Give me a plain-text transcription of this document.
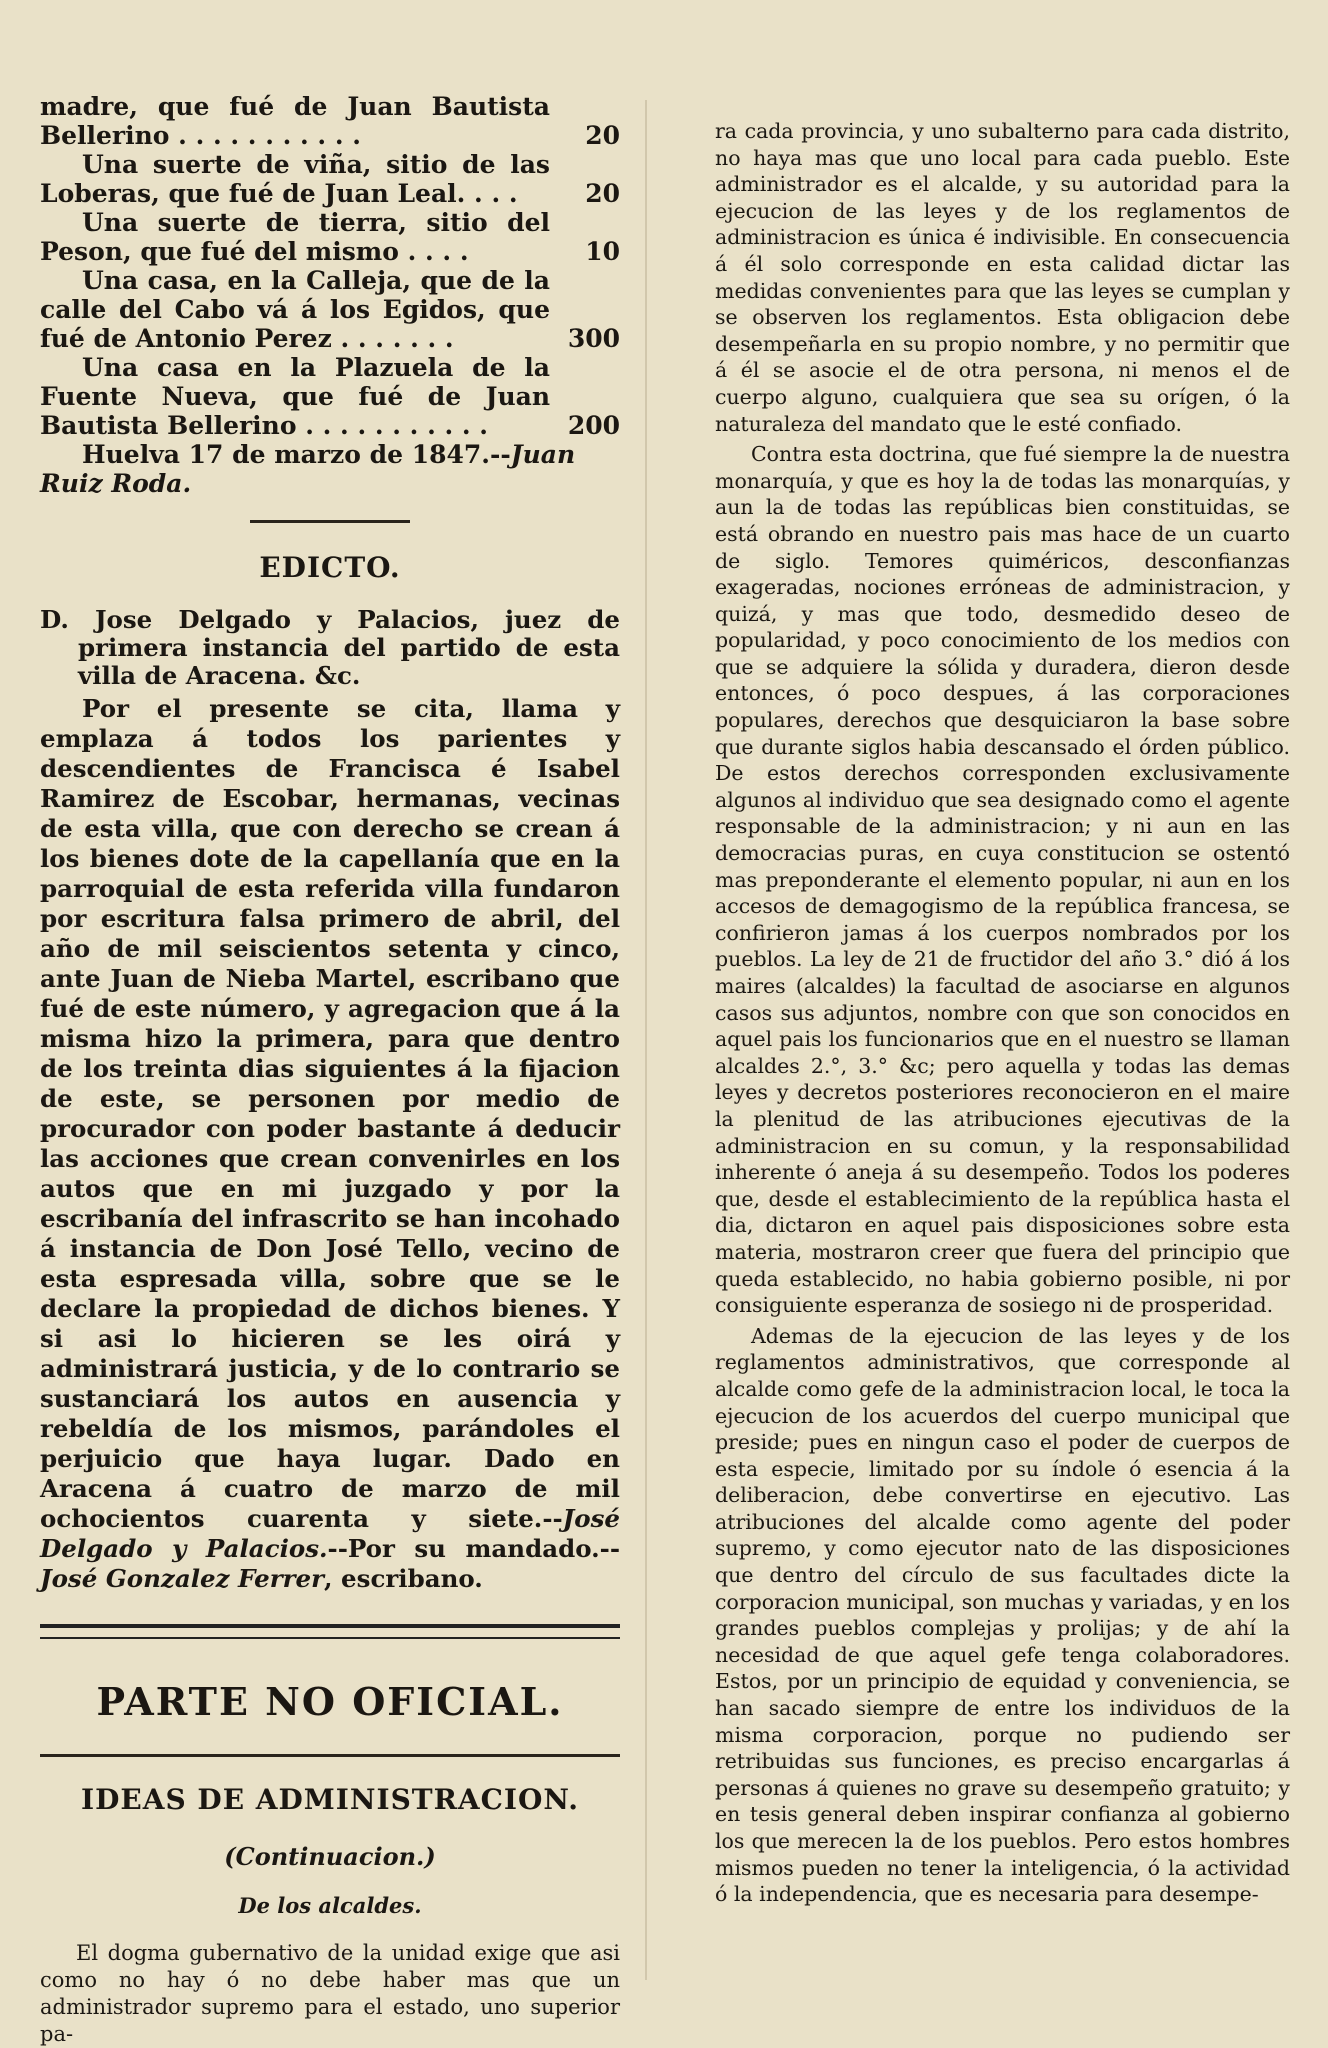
madre, que fué de Juan Bautista Bellerino . . . . . . . . . . .	20
Una suerte de viña, sitio de las Loberas, que fué de Juan Leal. . . .	20
Una suerte de tierra, sitio del Peson, que fué del mismo . . . .	10
Una casa, en la Calleja, que de la calle del Cabo vá á los Egidos, que fué de Antonio Perez . . . . . . .	300
Una casa en la Plazuela de la Fuente Nueva, que fué de Juan Bautista Bellerino . . . . . . . . . . .	200
Huelva 17 de marzo de 1847.--Juan Ruiz Roda.
EDICTO.
D. Jose Delgado y Palacios, juez de primera instancia del partido de esta villa de Aracena. &c.
Por el presente se cita, llama y emplaza á todos los parientes y descendientes de Francisca é Isabel Ramirez de Escobar, hermanas, vecinas de esta villa, que con derecho se crean á los bienes dote de la capellanía que en la parroquial de esta referida villa fundaron por escritura falsa primero de abril, del año de mil seiscientos setenta y cinco, ante Juan de Nieba Martel, escribano que fué de este número, y agregacion que á la misma hizo la primera, para que dentro de los treinta dias siguientes á la fijacion de este, se personen por medio de procurador con poder bastante á deducir las acciones que crean convenirles en los autos que en mi juzgado y por la escribanía del infrascrito se han incohado á instancia de Don José Tello, vecino de esta espresada villa, sobre que se le declare la propiedad de dichos bienes. Y si asi lo hicieren se les oirá y administrará justicia, y de lo contrario se sustanciará los autos en ausencia y rebeldía de los mismos, parándoles el perjuicio que haya lugar. Dado en Aracena á cuatro de marzo de mil ochocientos cuarenta y siete.--José Delgado y Palacios.--Por su mandado.--José Gonzalez Ferrer, escribano.
PARTE NO OFICIAL.
IDEAS DE ADMINISTRACION.
(Continuacion.)
De los alcaldes.
El dogma gubernativo de la unidad exige que asi como no hay ó no debe haber mas que un administrador supremo para el estado, uno superior pa-

ra cada provincia, y uno subalterno para cada distrito, no haya mas que uno local para cada pueblo. Este administrador es el alcalde, y su autoridad para la ejecucion de las leyes y de los reglamentos de administracion es única é indivisible. En consecuencia á él solo corresponde en esta calidad dictar las medidas convenientes para que las leyes se cumplan y se observen los reglamentos. Esta obligacion debe desempeñarla en su propio nombre, y no permitir que á él se asocie el de otra persona, ni menos el de cuerpo alguno, cualquiera que sea su orígen, ó la naturaleza del mandato que le esté confiado.

Contra esta doctrina, que fué siempre la de nuestra monarquía, y que es hoy la de todas las monarquías, y aun la de todas las repúblicas bien constituidas, se está obrando en nuestro pais mas hace de un cuarto de siglo. Temores quiméricos, desconfianzas exageradas, nociones erróneas de administracion, y quizá, y mas que todo, desmedido deseo de popularidad, y poco conocimiento de los medios con que se adquiere la sólida y duradera, dieron desde entonces, ó poco despues, á las corporaciones populares, derechos que desquiciaron la base sobre que durante siglos habia descansado el órden público. De estos derechos corresponden exclusivamente algunos al individuo que sea designado como el agente responsable de la administracion; y ni aun en las democracias puras, en cuya constitucion se ostentó mas preponderante el elemento popular, ni aun en los accesos de demagogismo de la república francesa, se confirieron jamas á los cuerpos nombrados por los pueblos. La ley de 21 de fructidor del año 3.° dió á los maires (alcaldes) la facultad de asociarse en algunos casos sus adjuntos, nombre con que son conocidos en aquel pais los funcionarios que en el nuestro se llaman alcaldes 2.°, 3.° &c; pero aquella y todas las demas leyes y decretos posteriores reconocieron en el maire la plenitud de las atribuciones ejecutivas de la administracion en su comun, y la responsabilidad inherente ó aneja á su desempeño. Todos los poderes que, desde el establecimiento de la república hasta el dia, dictaron en aquel pais disposiciones sobre esta materia, mostraron creer que fuera del principio que queda establecido, no habia gobierno posible, ni por consiguiente esperanza de sosiego ni de prosperidad.

Ademas de la ejecucion de las leyes y de los reglamentos administrativos, que corresponde al alcalde como gefe de la administracion local, le toca la ejecucion de los acuerdos del cuerpo municipal que preside; pues en ningun caso el poder de cuerpos de esta especie, limitado por su índole ó esencia á la deliberacion, debe convertirse en ejecutivo. Las atribuciones del alcalde como agente del poder supremo, y como ejecutor nato de las disposiciones que dentro del círculo de sus facultades dicte la corporacion municipal, son muchas y variadas, y en los grandes pueblos complejas y prolijas; y de ahí la necesidad de que aquel gefe tenga colaboradores. Estos, por un principio de equidad y conveniencia, se han sacado siempre de entre los individuos de la misma corporacion, porque no pudiendo ser retribuidas sus funciones, es preciso encargarlas á personas á quienes no grave su desempeño gratuito; y en tesis general deben inspirar confianza al gobierno los que merecen la de los pueblos. Pero estos hombres mismos pueden no tener la inteligencia, ó la actividad ó la independencia, que es necesaria para desempe-
